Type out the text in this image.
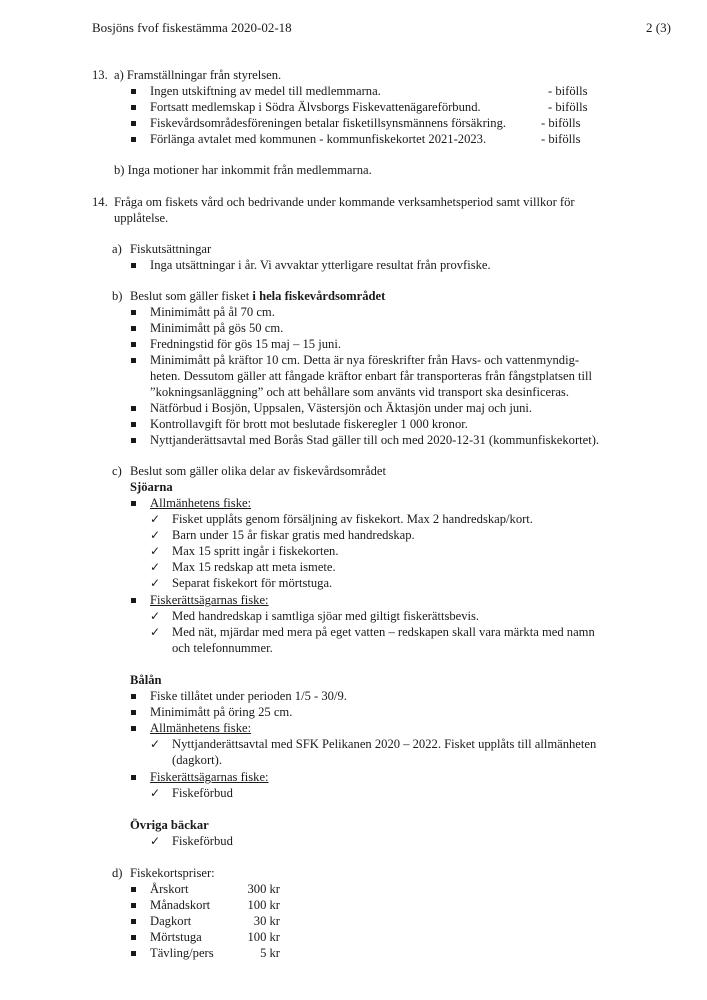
Bosjöns fvof fiskestämma 2020-02-18	2 (3)
13. a) Framställningar från styrelsen.
Ingen utskiftning av medel till medlemmarna.	- bifölls
Fortsatt medlemskap i Södra Älvsborgs Fiskevattenägareförbund.	- bifölls
Fiskevårdsområdesföreningen betalar fisketillsynsmännens försäkring.	- bifölls
Förlänga avtalet med kommunen - kommunfiskekortet 2021-2023.	- bifölls
b) Inga motioner har inkommit från medlemmarna.
14. Fråga om fiskets vård och bedrivande under kommande verksamhetsperiod samt villkor för
upplåtelse.
a) Fiskutsättningar
Inga utsättningar i år. Vi avvaktar ytterligare resultat från provfiske.
b) Beslut som gäller fisket i hela fiskevårdsområdet
Minimimått på ål 70 cm.
Minimimått på gös 50 cm.
Fredningstid för gös 15 maj – 15 juni.
Minimimått på kräftor 10 cm. Detta är nya föreskrifter från Havs- och vattenmyndig-
heten. Dessutom gäller att fångade kräftor enbart får transporteras från fångstplatsen till
”kokningsanläggning” och att behållare som använts vid transport ska desinficeras.
Nätförbud i Bosjön, Uppsalen, Västersjön och Äktasjön under maj och juni.
Kontrollavgift för brott mot beslutade fiskeregler 1 000 kronor.
Nyttjanderättsavtal med Borås Stad gäller till och med 2020-12-31 (kommunfiskekortet).
c) Beslut som gäller olika delar av fiskevårdsområdet
Sjöarna
Allmänhetens fiske:
✓ Fisket upplåts genom försäljning av fiskekort. Max 2 handredskap/kort.
✓ Barn under 15 år fiskar gratis med handredskap.
✓ Max 15 spritt ingår i fiskekorten.
✓ Max 15 redskap att meta ismete.
✓ Separat fiskekort för mörtstuga.
Fiskerättsägarnas fiske:
✓ Med handredskap i samtliga sjöar med giltigt fiskerättsbevis.
✓ Med nät, mjärdar med mera på eget vatten – redskapen skall vara märkta med namn
och telefonnummer.
Bålån
Fiske tillåtet under perioden 1/5 - 30/9.
Minimimått på öring 25 cm.
Allmänhetens fiske:
✓ Nyttjanderättsavtal med SFK Pelikanen 2020 – 2022. Fisket upplåts till allmänheten
(dagkort).
Fiskerättsägarnas fiske:
✓ Fiskeförbud
Övriga bäckar
✓ Fiskeförbud
d) Fiskekortspriser:
Årskort	300 kr
Månadskort	100 kr
Dagkort	30 kr
Mörtstuga	100 kr
Tävling/pers	5 kr
